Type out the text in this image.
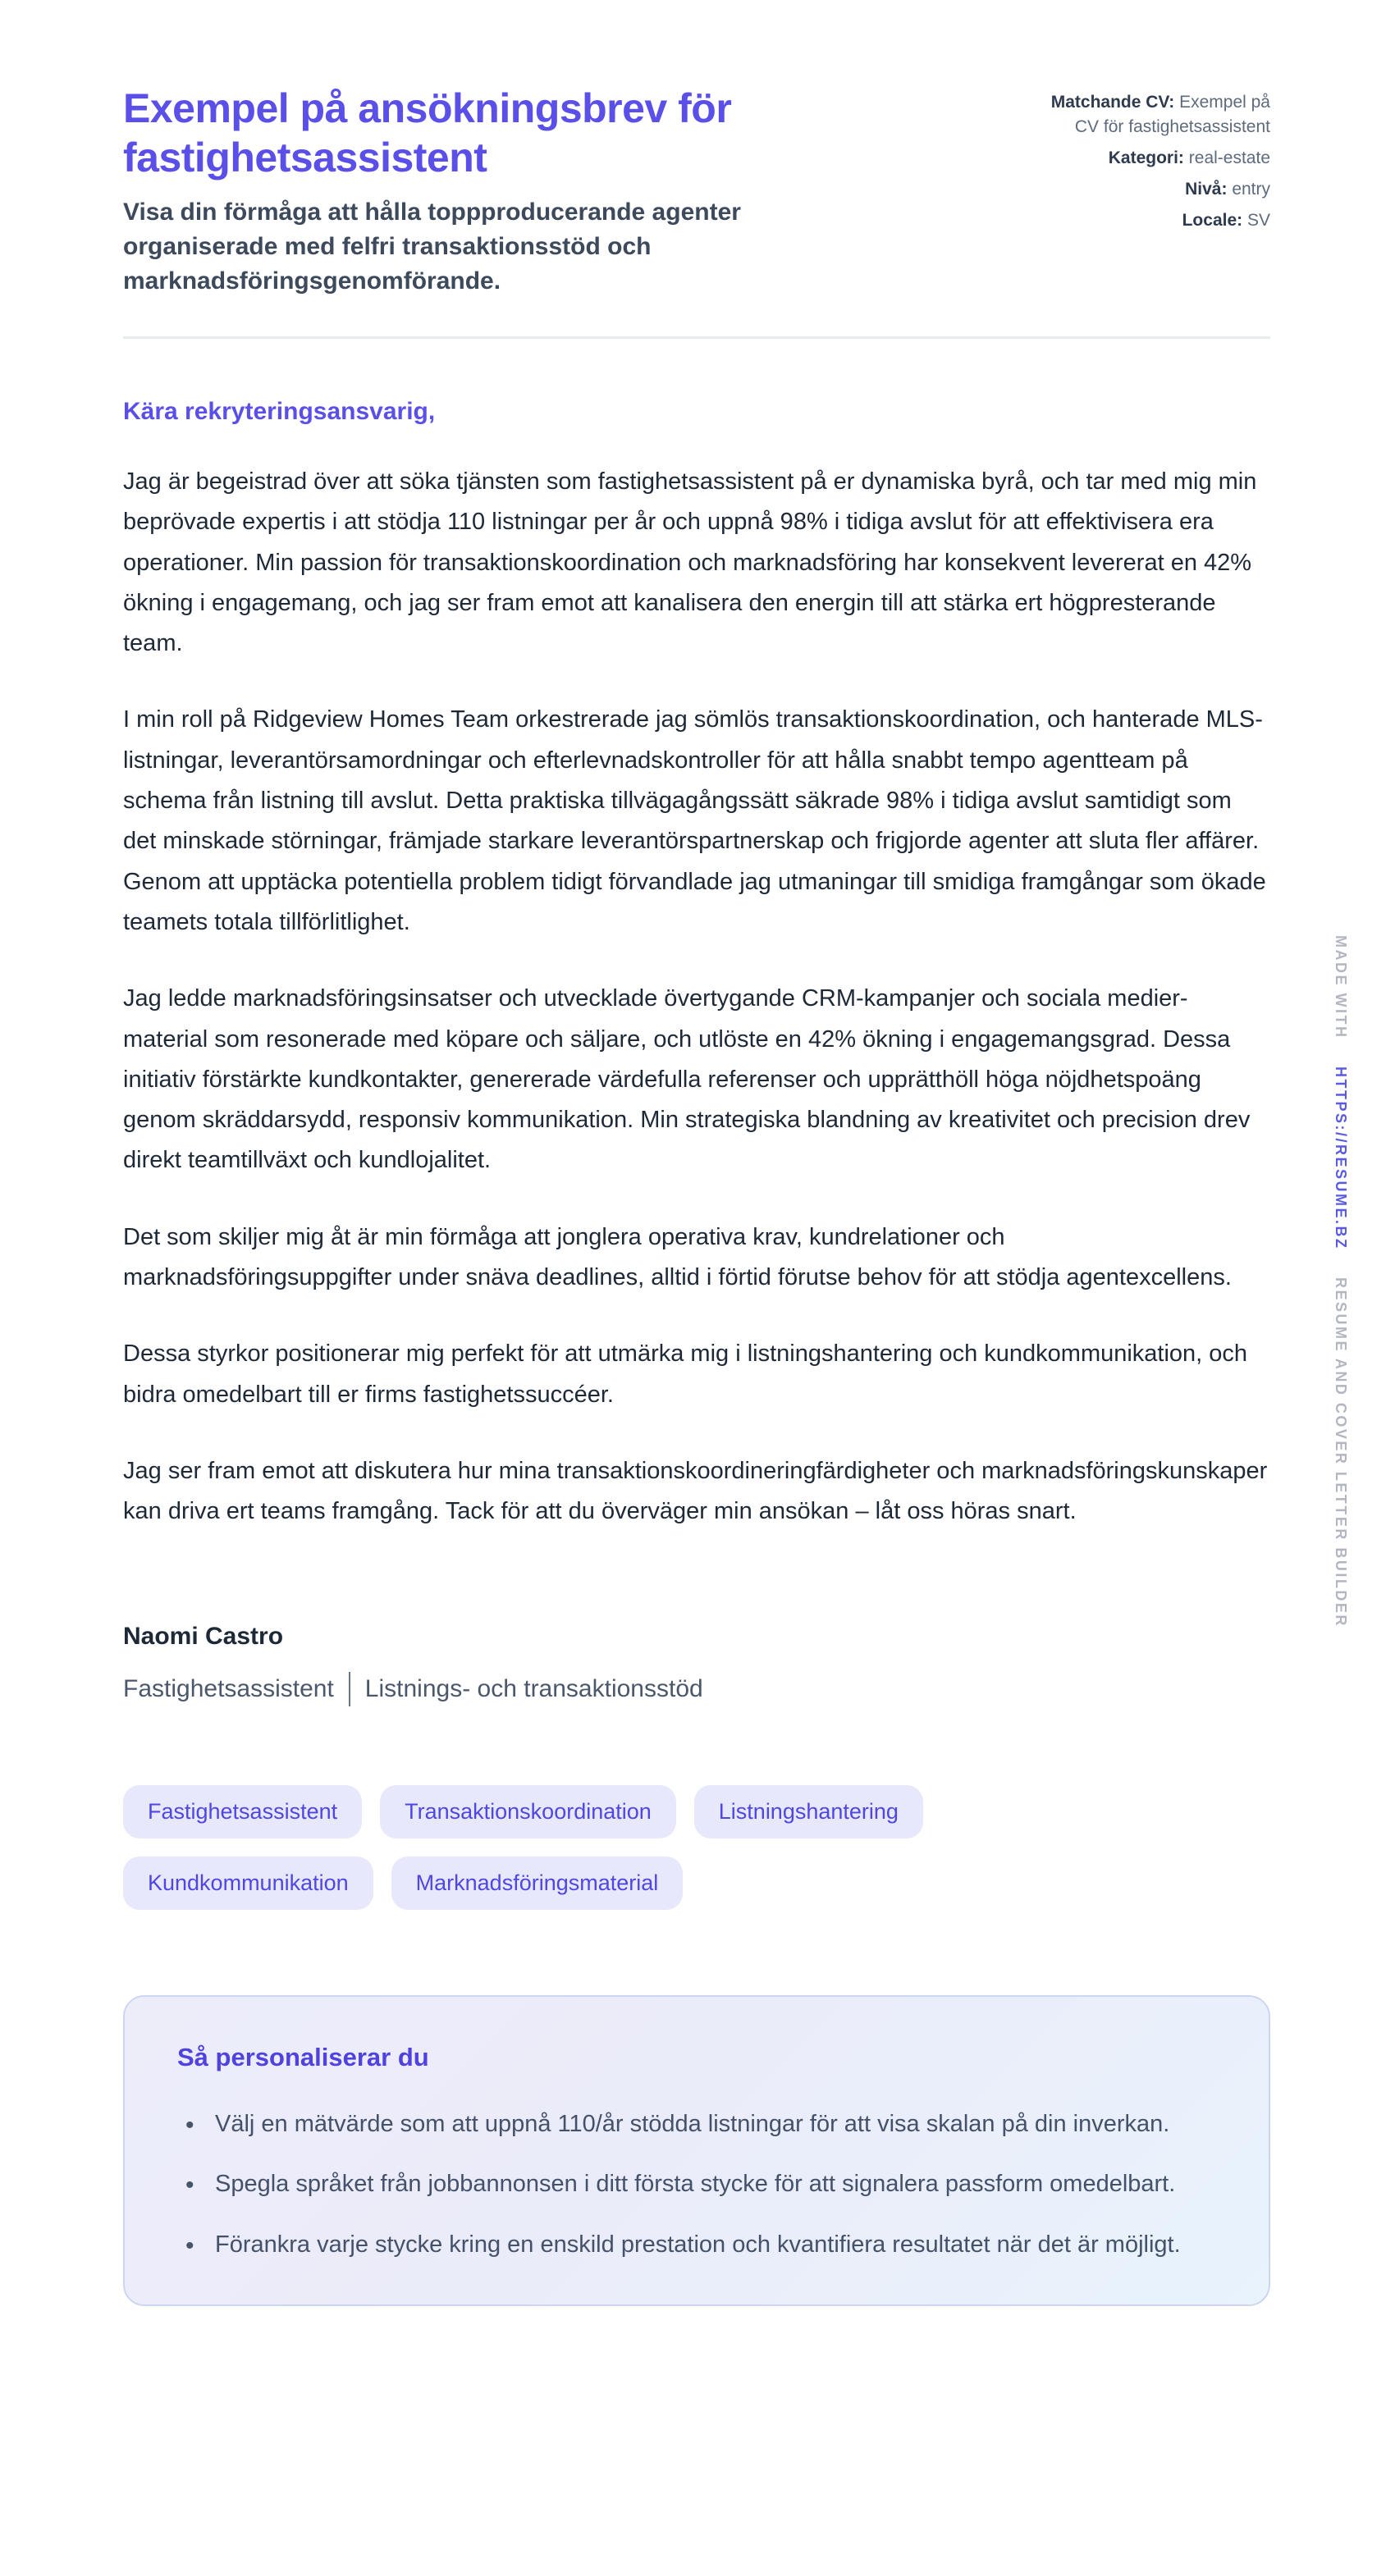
Exempel på ansökningsbrev för fastighetsassistent

Visa din förmåga att hålla toppproducerande agenter organiserade med felfri transaktionsstöd och marknadsföringsgenomförande.

Matchande CV: Exempel på CV för fastighetsassistent
Kategori: real-estate
Nivå: entry
Locale: SV

Kära rekryteringsansvarig,

Jag är begeistrad över att söka tjänsten som fastighetsassistent på er dynamiska byrå, och tar med mig min beprövade expertis i att stödja 110 listningar per år och uppnå 98% i tidiga avslut för att effektivisera era operationer. Min passion för transaktionskoordination och marknadsföring har konsekvent levererat en 42% ökning i engagemang, och jag ser fram emot att kanalisera den energin till att stärka ert högpresterande team.

I min roll på Ridgeview Homes Team orkestrerade jag sömlös transaktionskoordination, och hanterade MLS-listningar, leverantörsamordningar och efterlevnadskontroller för att hålla snabbt tempo agentteam på schema från listning till avslut. Detta praktiska tillvägagångssätt säkrade 98% i tidiga avslut samtidigt som det minskade störningar, främjade starkare leverantörspartnerskap och frigjorde agenter att sluta fler affärer. Genom att upptäcka potentiella problem tidigt förvandlade jag utmaningar till smidiga framgångar som ökade teamets totala tillförlitlighet.

Jag ledde marknadsföringsinsatser och utvecklade övertygande CRM-kampanjer och sociala medier-material som resonerade med köpare och säljare, och utlöste en 42% ökning i engagemangsgrad. Dessa initiativ förstärkte kundkontakter, genererade värdefulla referenser och upprätthöll höga nöjdhetspoäng genom skräddarsydd, responsiv kommunikation. Min strategiska blandning av kreativitet och precision drev direkt teamtillväxt och kundlojalitet.

Det som skiljer mig åt är min förmåga att jonglera operativa krav, kundrelationer och marknadsföringsuppgifter under snäva deadlines, alltid i förtid förutse behov för att stödja agentexcellens.

Dessa styrkor positionerar mig perfekt för att utmärka mig i listningshantering och kundkommunikation, och bidra omedelbart till er firms fastighetssuccéer.

Jag ser fram emot att diskutera hur mina transaktionskoordineringfärdigheter och marknadsföringskunskaper kan driva ert teams framgång. Tack för att du överväger min ansökan – låt oss höras snart.

Naomi Castro

Fastighetsassistent Listnings- och transaktionsstöd

Fastighetsassistent	Transaktionskoordination	Listningshantering
Kundkommunikation	Marknadsföringsmaterial
Så personaliserar du
• Välj en mätvärde som att uppnå 110/år stödda listningar för att visa skalan på din inverkan.
• Spegla språket från jobbannonsen i ditt första stycke för att signalera passform omedelbart.
• Förankra varje stycke kring en enskild prestation och kvantifiera resultatet när det är möjligt.
MADE WITH HTTPS://RESUME.BZ RESUME AND COVER LETTER BUILDER
